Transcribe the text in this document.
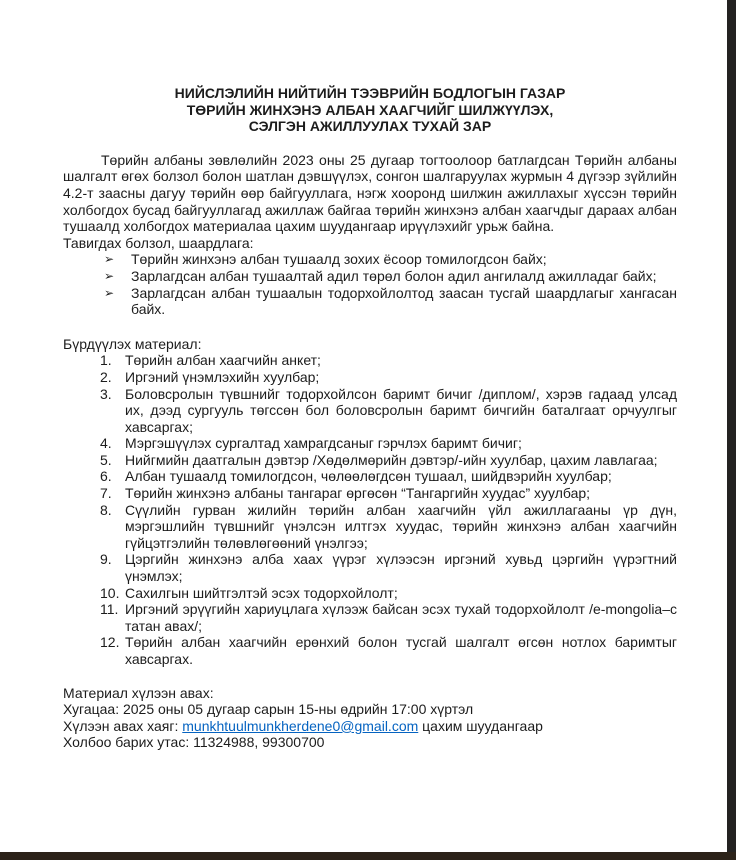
НИЙСЛЭЛИЙН НИЙТИЙН ТЭЭВРИЙН БОДЛОГЫН ГАЗАР
ТӨРИЙН ЖИНХЭНЭ АЛБАН ХААГЧИЙГ ШИЛЖҮҮЛЭХ,
СЭЛГЭН АЖИЛЛУУЛАХ ТУХАЙ ЗАР

Төрийн албаны зөвлөлийн 2023 оны 25 дугаар тогтоолоор батлагдсан Төрийн албаны шалгалт өгөх болзол болон шатлан дэвшүүлэх, сонгон шалгаруулах журмын 4 дүгээр зүйлийн 4.2-т заасны дагуу төрийн өөр байгууллага, нэгж хооронд шилжин ажиллахыг хүссэн төрийн холбогдох бусад байгууллагад ажиллаж байгаа төрийн жинхэнэ албан хаагчдыг дараах албан тушаалд холбогдох материалаа цахим шуудангаар ирүүлэхийг урьж байна.

Тавигдах болзол, шаардлага:
➢	Төрийн жинхэнэ албан тушаалд зохих ёсоор томилогдсон байх;
➢	Зарлагдсан албан тушаалтай адил төрөл болон адил ангилалд ажилладаг байх;
➢	Зарлагдсан албан тушаалын тодорхойлолтод заасан тусгай шаардлагыг хангасан байх.
Бүрдүүлэх материал:
1. Төрийн албан хаагчийн анкет;
2. Иргэний үнэмлэхийн хуулбар;
3. Боловсролын түвшнийг тодорхойлсон баримт бичиг /диплом/, хэрэв гадаад улсад их, дээд сургууль төгссөн бол боловсролын баримт бичгийн баталгаат орчуулгыг хавсаргах;
4. Мэргэшүүлэх сургалтад хамрагдсаныг гэрчлэх баримт бичиг;
5. Нийгмийн даатгалын дэвтэр /Хөдөлмөрийн дэвтэр/-ийн хуулбар, цахим лавлагаа;
6. Албан тушаалд томилогдсон, чөлөөлөгдсөн тушаал, шийдвэрийн хуулбар;
7. Төрийн жинхэнэ албаны тангараг өргөсөн “Тангаргийн хуудас” хуулбар;
8. Сүүлийн гурван жилийн төрийн албан хаагчийн үйл ажиллагааны үр дүн, мэргэшлийн түвшнийг үнэлсэн илтгэх хуудас, төрийн жинхэнэ албан хаагчийн гүйцэтгэлийн төлөвлөгөөний үнэлгээ;
9. Цэргийн жинхэнэ алба хаах үүрэг хүлээсэн иргэний хувьд цэргийн үүрэгтний үнэмлэх;
10. Сахилгын шийтгэлтэй эсэх тодорхойлолт;
11. Иргэний эрүүгийн хариуцлага хүлээж байсан эсэх тухай тодорхойлолт /e-mongolia–с татан авах/;
12. Төрийн албан хаагчийн ерөнхий болон тусгай шалгалт өгсөн нотлох баримтыг хавсаргах.
Материал хүлээн авах:
Хугацаа: 2025 оны 05 дугаар сарын 15-ны өдрийн 17:00 хүртэл
Хүлээн авах хаяг: munkhtuulmunkherdene0@gmail.com цахим шуудангаар
Холбоо барих утас: 11324988, 99300700
